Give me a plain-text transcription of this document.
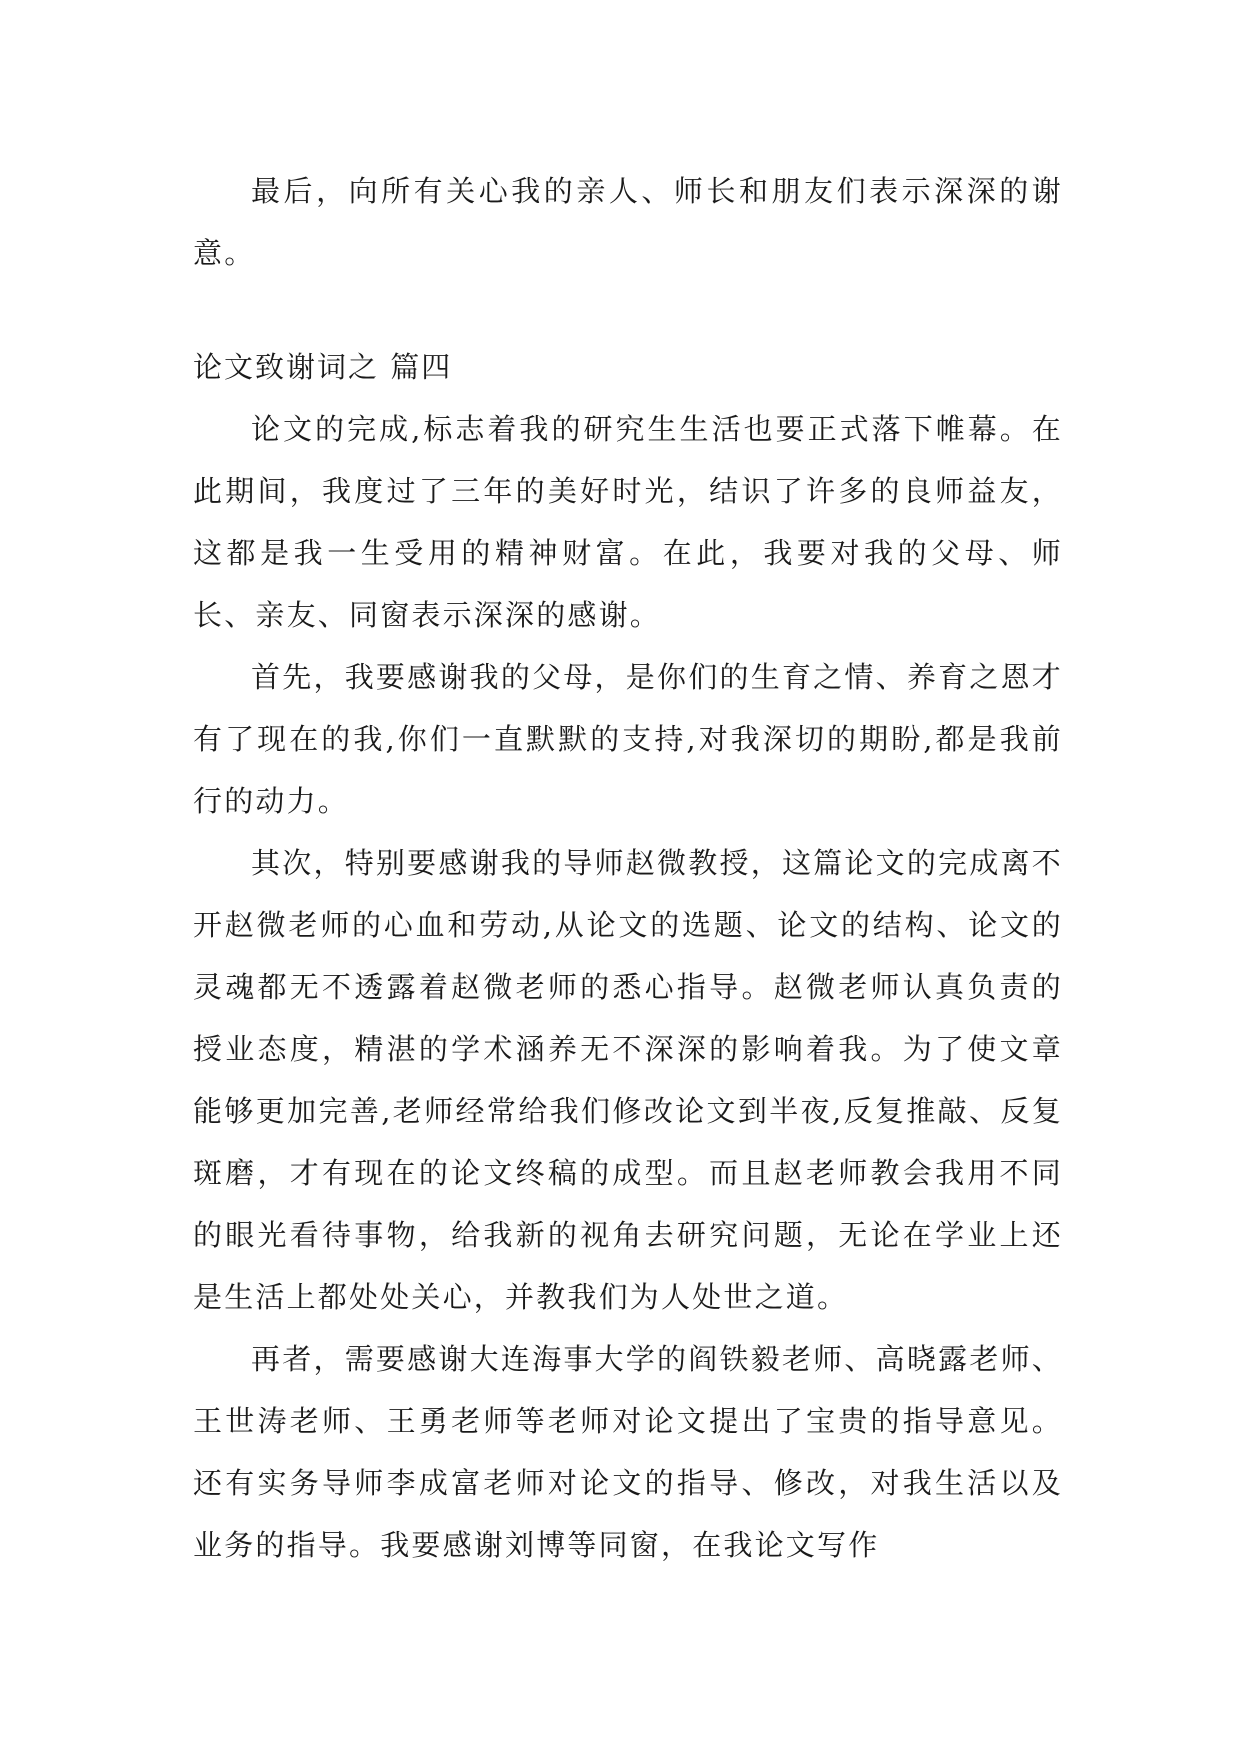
最后，向所有关心我的亲人、师长和朋友们表示深深的谢意。

论文致谢词之 篇四

论文的完成,标志着我的研究生生活也要正式落下帷幕。在此期间，我度过了三年的美好时光，结识了许多的良师益友，这都是我一生受用的精神财富。在此，我要对我的父母、师长、亲友、同窗表示深深的感谢。

首先，我要感谢我的父母，是你们的生育之情、养育之恩才有了现在的我,你们一直默默的支持,对我深切的期盼,都是我前行的动力。

其次，特别要感谢我的导师赵微教授，这篇论文的完成离不开赵微老师的心血和劳动,从论文的选题、论文的结构、论文的灵魂都无不透露着赵微老师的悉心指导。赵微老师认真负责的授业态度，精湛的学术涵养无不深深的影响着我。为了使文章能够更加完善,老师经常给我们修改论文到半夜,反复推敲、反复斑磨，才有现在的论文终稿的成型。而且赵老师教会我用不同的眼光看待事物，给我新的视角去研究问题，无论在学业上还是生活上都处处关心，并教我们为人处世之道。

再者，需要感谢大连海事大学的阎铁毅老师、高晓露老师、王世涛老师、王勇老师等老师对论文提出了宝贵的指导意见。还有实务导师李成富老师对论文的指导、修改，对我生活以及业务的指导。我要感谢刘博等同窗，在我论文写作
